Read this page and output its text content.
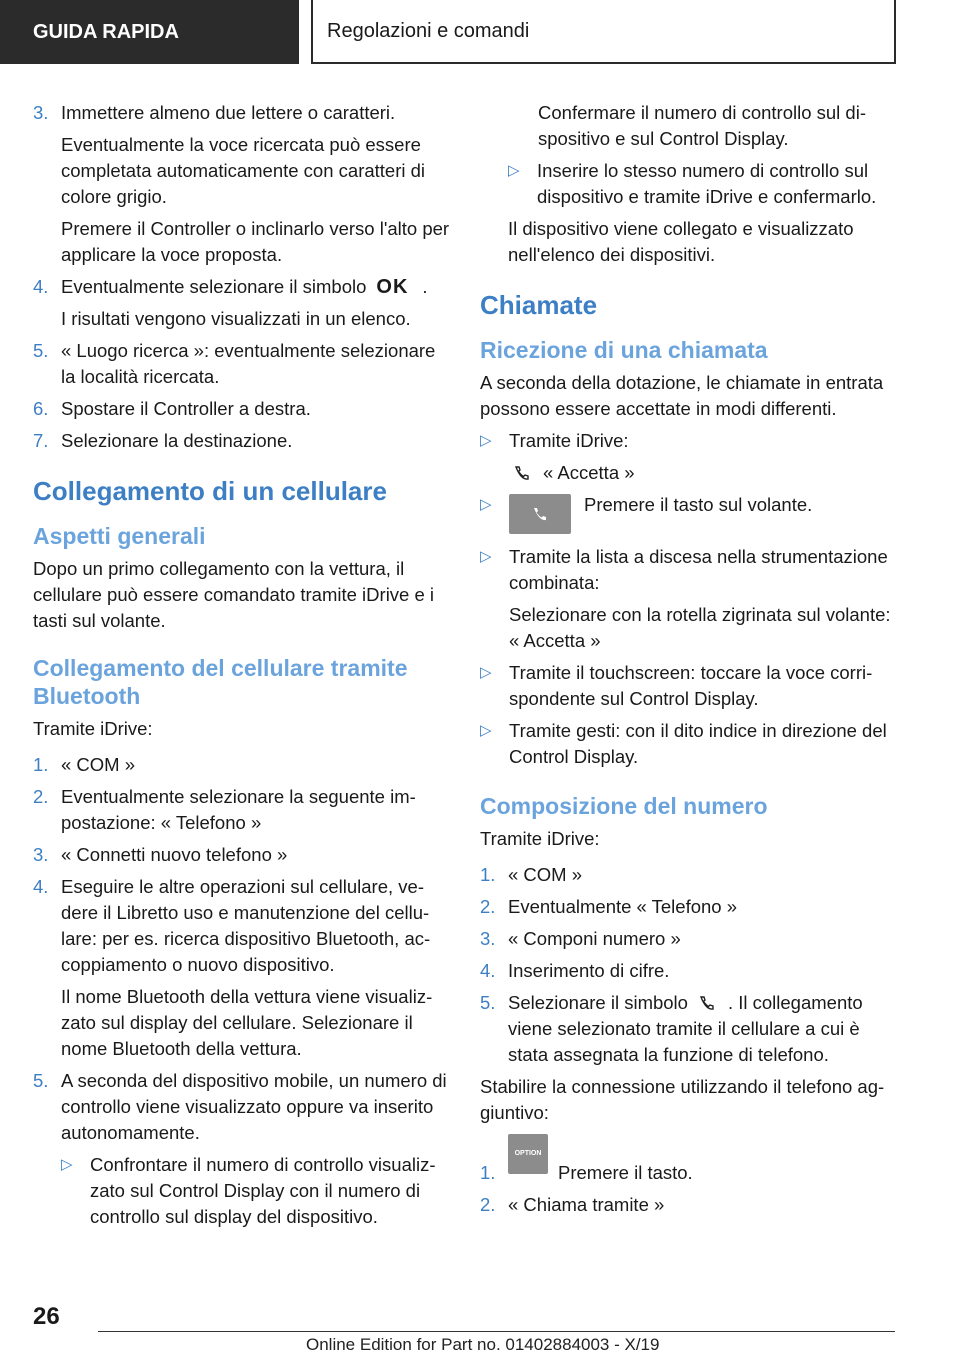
GUIDA RAPIDA	Regolazioni e comandi
3. Immettere almeno due lettere o caratteri.
Eventualmente la voce ricercata può essere completata automaticamente con caratteri di colore grigio.
Premere il Controller o inclinarlo verso l'alto per applicare la voce proposta.
4. Eventualmente selezionare il simbolo OK .
I risultati vengono visualizzati in un elenco.
5. « Luogo ricerca »: eventualmente selezionare la località ricercata.
6. Spostare il Controller a destra.
7. Selezionare la destinazione.
Collegamento di un cellulare
Aspetti generali
Dopo un primo collegamento con la vettura, il cellulare può essere comandato tramite iDrive e i tasti sul volante.
Collegamento del cellulare tramite Bluetooth
Tramite iDrive:
1. « COM »
2. Eventualmente selezionare la seguente impostazione: « Telefono »
3. « Connetti nuovo telefono »
4. Eseguire le altre operazioni sul cellulare, vedere il Libretto uso e manutenzione del cellulare: per es. ricerca dispositivo Bluetooth, accoppiamento o nuovo dispositivo.
Il nome Bluetooth della vettura viene visualizzato sul display del cellulare. Selezionare il nome Bluetooth della vettura.
5. A seconda del dispositivo mobile, un numero di controllo viene visualizzato oppure va inserito autonomamente.
▷ Confrontare il numero di controllo visualizzato sul Control Display con il numero di controllo sul display del dispositivo.
Confermare il numero di controllo sul dispositivo e sul Control Display.
▷ Inserire lo stesso numero di controllo sul dispositivo e tramite iDrive e confermarlo.
Il dispositivo viene collegato e visualizzato nell'elenco dei dispositivi.
Chiamate
Ricezione di una chiamata
A seconda della dotazione, le chiamate in entrata possono essere accettate in modi differenti.
▷ Tramite iDrive:
« Accetta »
▷	Premere il tasto sul volante.
▷ Tramite la lista a discesa nella strumentazione combinata:
Selezionare con la rotella zigrinata sul volante: « Accetta »
▷ Tramite il touchscreen: toccare la voce corrispondente sul Control Display.
▷ Tramite gesti: con il dito indice in direzione del Control Display.
Composizione del numero
Tramite iDrive:
1. « COM »
2. Eventualmente « Telefono »
3. « Componi numero »
4. Inserimento di cifre.
5. Selezionare il simbolo . Il collegamento viene selezionato tramite il cellulare a cui è stata assegnata la funzione di telefono.
Stabilire la connessione utilizzando il telefono aggiuntivo:
1.
OPTION
Premere il tasto.
2. « Chiama tramite »
26
Online Edition for Part no. 01402884003 - X/19
